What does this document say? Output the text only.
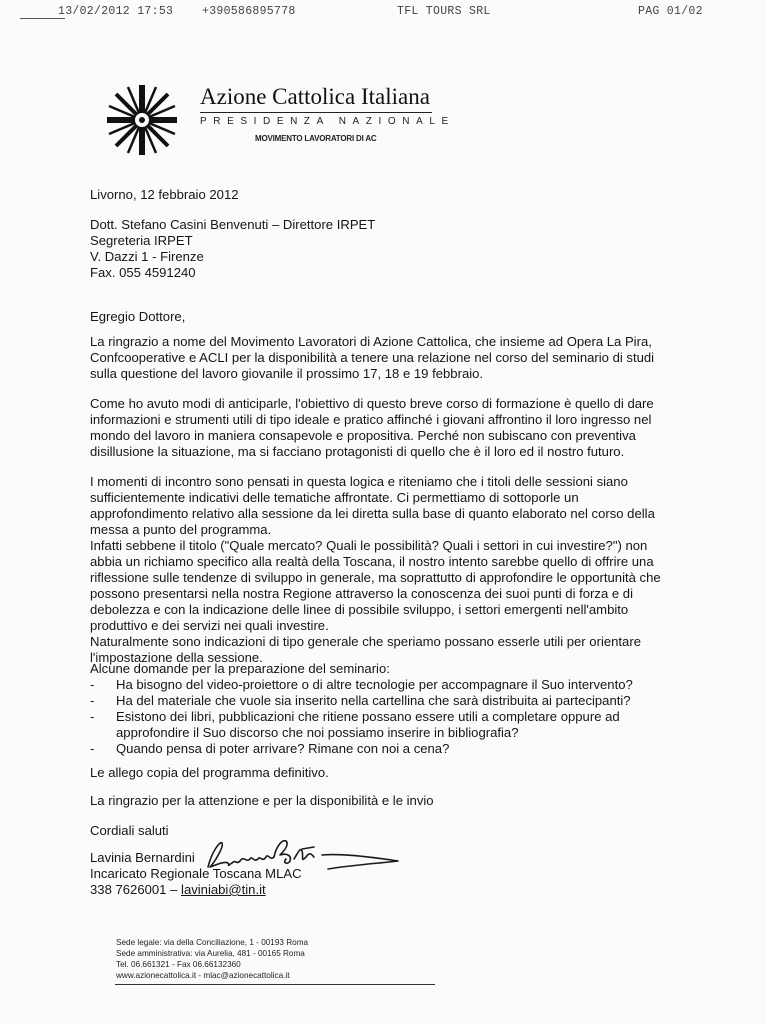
13/02/2012 17:53	+390586895778	TFL TOURS SRL	PAG 01/02
Azione Cattolica Italiana
PRESIDENZA NAZIONALE
MOVIMENTO LAVORATORI DI AC
Livorno, 12 febbraio 2012
Dott. Stefano Casini Benvenuti – Direttore IRPET
Segreteria IRPET
V. Dazzi 1 - Firenze
Fax. 055 4591240
Egregio Dottore,
La ringrazio a nome del Movimento Lavoratori di Azione Cattolica, che insieme ad Opera La Pira,
Confcooperative e ACLI per la disponibilità a tenere una relazione nel corso del seminario di studi
sulla questione del lavoro giovanile il prossimo 17, 18 e 19 febbraio.
Come ho avuto modi di anticiparle, l'obiettivo di questo breve corso di formazione è quello di dare
informazioni e strumenti utili di tipo ideale e pratico affinché i giovani affrontino il loro ingresso nel
mondo del lavoro in maniera consapevole e propositiva. Perché non subiscano con preventiva
disillusione la situazione, ma si facciano protagonisti di quello che è il loro ed il nostro futuro.
I momenti di incontro sono pensati in questa logica e riteniamo che i titoli delle sessioni siano
sufficientemente indicativi delle tematiche affrontate. Ci permettiamo di sottoporle un
approfondimento relativo alla sessione da lei diretta sulla base di quanto elaborato nel corso della
messa a punto del programma.
Infatti sebbene il titolo ("Quale mercato? Quali le possibilità? Quali i settori in cui investire?") non
abbia un richiamo specifico alla realtà della Toscana, il nostro intento sarebbe quello di offrire una
riflessione sulle tendenze di sviluppo in generale, ma soprattutto di approfondire le opportunità che
possono presentarsi nella nostra Regione attraverso la conoscenza dei suoi punti di forza e di
debolezza e con la indicazione delle linee di possibile sviluppo, i settori emergenti nell'ambito
produttivo e dei servizi nei quali investire.
Naturalmente sono indicazioni di tipo generale che speriamo possano esserle utili per orientare
l'impostazione della sessione.
Alcune domande per la preparazione del seminario:
- Ha bisogno del video-proiettore o di altre tecnologie per accompagnare il Suo intervento?
- Ha del materiale che vuole sia inserito nella cartellina che sarà distribuita ai partecipanti?
- Esistono dei libri, pubblicazioni che ritiene possano essere utili a completare oppure ad
approfondire il Suo discorso che noi possiamo inserire in bibliografia?
- Quando pensa di poter arrivare? Rimane con noi a cena?
Le allego copia del programma definitivo.
La ringrazio per la attenzione e per la disponibilità e le invio
Cordiali saluti
Lavinia Bernardini
Incaricato Regionale Toscana MLAC
338 7626001 – laviniabi@tin.it
Sede legale: via della Conciliazione, 1 - 00193 Roma
Sede amministrativa: via Aurelia, 481 - 00165 Roma
Tel. 06.661321 - Fax 06.66132360
www.azionecattolica.it - mlac@azionecattolica.it
